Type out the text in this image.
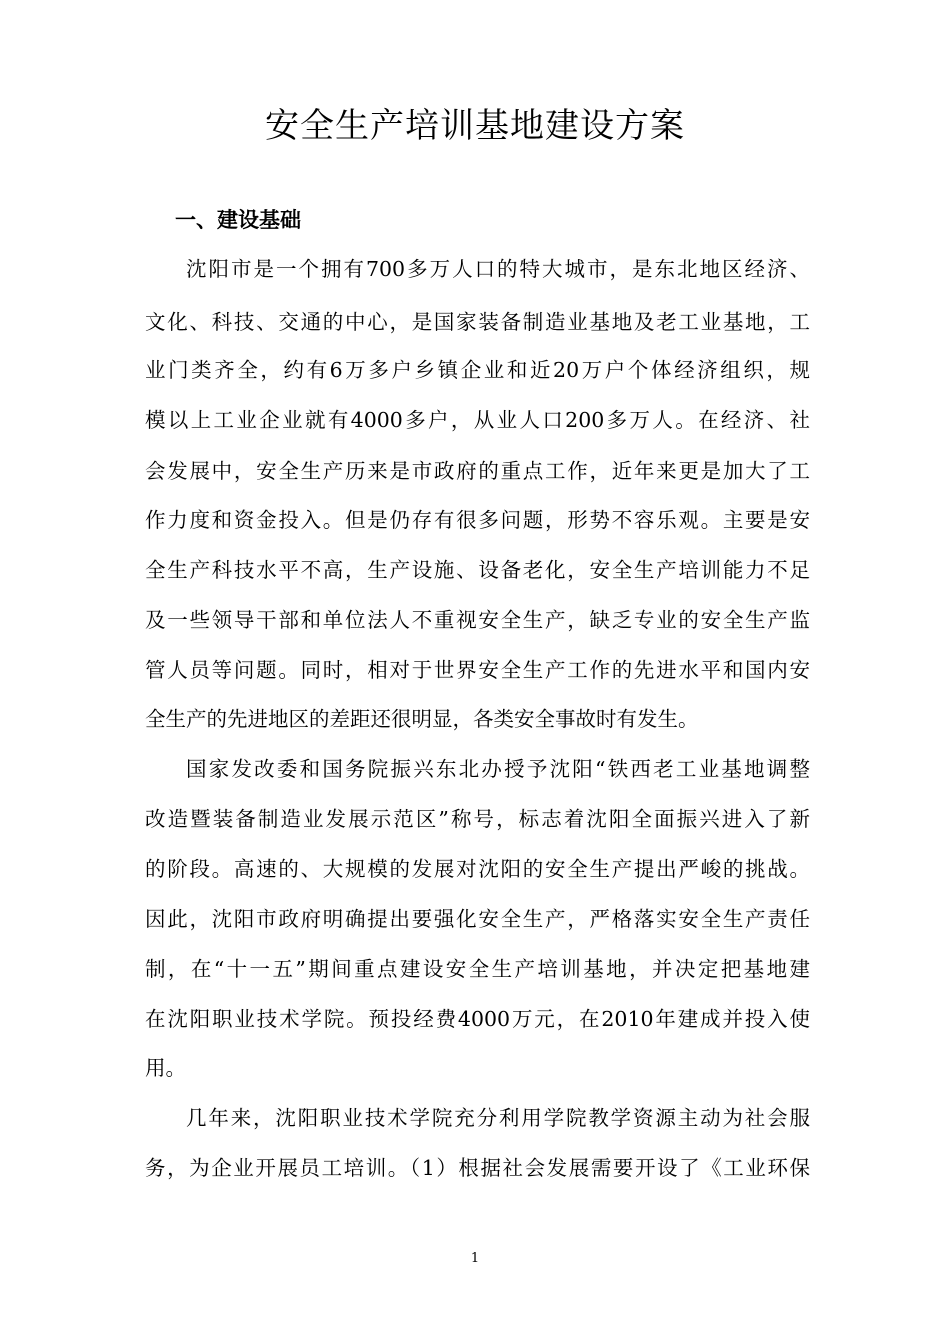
安全生产培训基地建设方案
一、建设基础
沈阳市是一个拥有700多万人口的特大城市，是东北地区经济、
文化、科技、交通的中心，是国家装备制造业基地及老工业基地，工
业门类齐全，约有6万多户乡镇企业和近20万户个体经济组织，规
模以上工业企业就有4000多户，从业人口200多万人。在经济、社
会发展中，安全生产历来是市政府的重点工作，近年来更是加大了工
作力度和资金投入。但是仍存有很多问题，形势不容乐观。主要是安
全生产科技水平不高，生产设施、设备老化，安全生产培训能力不足
及一些领导干部和单位法人不重视安全生产，缺乏专业的安全生产监
管人员等问题。同时，相对于世界安全生产工作的先进水平和国内安
全生产的先进地区的差距还很明显，各类安全事故时有发生。
国家发改委和国务院振兴东北办授予沈阳“铁西老工业基地调整
改造暨装备制造业发展示范区”称号，标志着沈阳全面振兴进入了新
的阶段。高速的、大规模的发展对沈阳的安全生产提出严峻的挑战。
因此，沈阳市政府明确提出要强化安全生产，严格落实安全生产责任
制，在“十一五”期间重点建设安全生产培训基地，并决定把基地建
在沈阳职业技术学院。预投经费4000万元，在2010年建成并投入使
用。
几年来，沈阳职业技术学院充分利用学院教学资源主动为社会服
务，为企业开展员工培训。（1）根据社会发展需要开设了《工业环保
1
